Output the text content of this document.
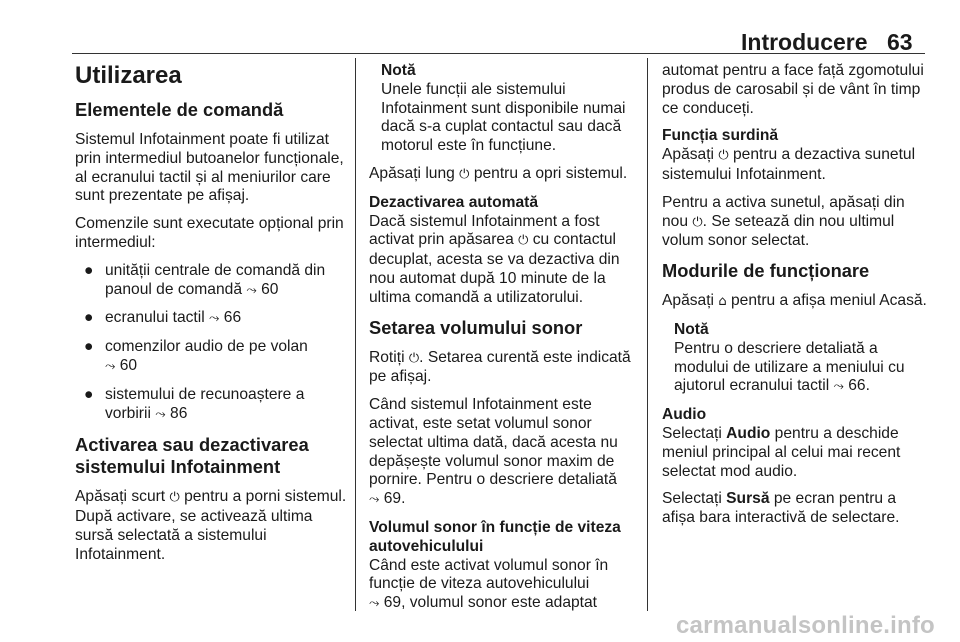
Introducere 63
Utilizarea
Elementele de comandă

Sistemul Infotainment poate fi utilizat prin intermediul butoanelor funcționale, al ecranului tactil și al meniurilor care sunt prezentate pe afișaj.

Comenzile sunt executate opțional prin intermediul:

● unității centrale de comandă din panoul de comandă ⤳ 60
● ecranului tactil ⤳ 66
● comenzilor audio de pe volan
⤳ 60
● sistemului de recunoaștere a vorbirii ⤳ 86
Activarea sau dezactivarea sistemului Infotainment

Apăsați scurt ⏻ pentru a porni sistemul. După activare, se activează ultima sursă selectată a sistemului Infotainment.

Notă
Unele funcții ale sistemului Infotainment sunt disponibile numai dacă s-a cuplat contactul sau dacă motorul este în funcțiune.

Apăsați lung ⏻ pentru a opri sistemul.

Dezactivarea automată

Dacă sistemul Infotainment a fost activat prin apăsarea ⏻ cu contactul decuplat, acesta se va dezactiva din nou automat după 10 minute de la ultima comandă a utilizatorului.

Setarea volumului sonor

Rotiți ⏻. Setarea curentă este indicată pe afișaj.

Când sistemul Infotainment este activat, este setat volumul sonor selectat ultima dată, dacă acesta nu depășește volumul sonor maxim de pornire. Pentru o descriere detaliată
⤳ 69.

Volumul sonor în funcție de viteza autovehiculului

Când este activat volumul sonor în funcție de viteza autovehiculului
⤳ 69, volumul sonor este adaptat

automat pentru a face față zgomotului produs de carosabil și de vânt în timp ce conduceți.

Funcția surdină

Apăsați ⏻ pentru a dezactiva sunetul sistemului Infotainment.

Pentru a activa sunetul, apăsați din nou ⏻. Se setează din nou ultimul volum sonor selectat.

Modurile de funcționare

Apăsați ⌂ pentru a afișa meniul Acasă.

Notă
Pentru o descriere detaliată a modului de utilizare a meniului cu ajutorul ecranului tactil ⤳ 66.
Audio

Selectați Audio pentru a deschide meniul principal al celui mai recent selectat mod audio.

Selectați Sursă pe ecran pentru a afișa bara interactivă de selectare.

carmanualsonline.info
